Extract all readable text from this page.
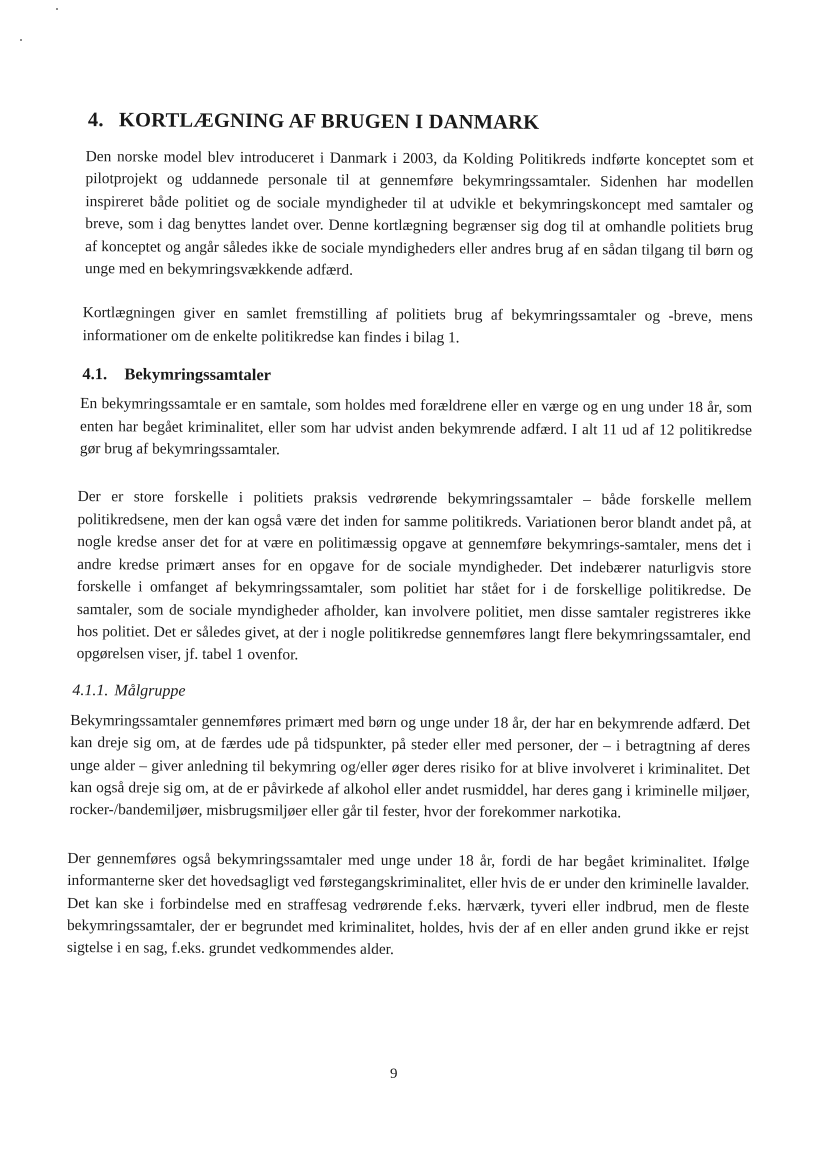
4. KORTLÆGNING AF BRUGEN I DANMARK

Den norske model blev introduceret i Danmark i 2003, da Kolding Politikreds indførte konceptet som et pilotprojekt og uddannede personale til at gennemføre bekymringssamtaler. Sidenhen har modellen inspireret både politiet og de sociale myndigheder til at udvikle et bekymringskoncept med samtaler og breve, som i dag benyttes landet over. Denne kortlægning begrænser sig dog til at omhandle politiets brug af konceptet og angår således ikke de sociale myndigheders eller andres brug af en sådan tilgang til børn og unge med en bekymringsvækkende adfærd.

Kortlægningen giver en samlet fremstilling af politiets brug af bekymringssamtaler og -breve, mens informationer om de enkelte politikredse kan findes i bilag 1.

4.1. Bekymringssamtaler

En bekymringssamtale er en samtale, som holdes med forældrene eller en værge og en ung under 18 år, som enten har begået kriminalitet, eller som har udvist anden bekymrende adfærd. I alt 11 ud af 12 politikredse gør brug af bekymringssamtaler.

Der er store forskelle i politiets praksis vedrørende bekymringssamtaler – både forskelle mellem politikredsene, men der kan også være det inden for samme politikreds. Variationen beror blandt andet på, at nogle kredse anser det for at være en politimæssig opgave at gennemføre bekymrings-samtaler, mens det i andre kredse primært anses for en opgave for de sociale myndigheder. Det indebærer naturligvis store forskelle i omfanget af bekymringssamtaler, som politiet har stået for i de forskellige politikredse. De samtaler, som de sociale myndigheder afholder, kan involvere politiet, men disse samtaler registreres ikke hos politiet. Det er således givet, at der i nogle politikredse gennemføres langt flere bekymringssamtaler, end opgørelsen viser, jf. tabel 1 ovenfor.

4.1.1. Målgruppe

Bekymringssamtaler gennemføres primært med børn og unge under 18 år, der har en bekymrende adfærd. Det kan dreje sig om, at de færdes ude på tidspunkter, på steder eller med personer, der – i betragtning af deres unge alder – giver anledning til bekymring og/eller øger deres risiko for at blive involveret i kriminalitet. Det kan også dreje sig om, at de er påvirkede af alkohol eller andet rusmiddel, har deres gang i kriminelle miljøer, rocker-/bandemiljøer, misbrugsmiljøer eller går til fester, hvor der forekommer narkotika.

Der gennemføres også bekymringssamtaler med unge under 18 år, fordi de har begået kriminalitet. Ifølge informanterne sker det hovedsagligt ved førstegangskriminalitet, eller hvis de er under den kriminelle lavalder. Det kan ske i forbindelse med en straffesag vedrørende f.eks. hærværk, tyveri eller indbrud, men de fleste bekymringssamtaler, der er begrundet med kriminalitet, holdes, hvis der af en eller anden grund ikke er rejst sigtelse i en sag, f.eks. grundet vedkommendes alder.

9
